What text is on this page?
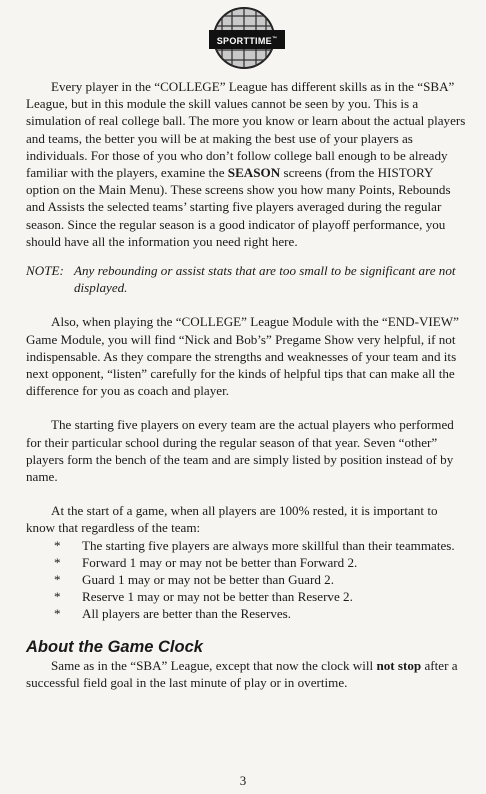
SPORTTIME™

Every player in the “COLLEGE” League has different skills as in the “SBA” League, but in this module the skill values cannot be seen by you. This is a simulation of real college ball. The more you know or learn about the actual players and teams, the better you will be at making the best use of your players as individuals. For those of you who don’t follow college ball enough to be already familiar with the players, examine the SEASON screens (from the HISTORY option on the Main Menu). These screens show you how many Points, Rebounds and Assists the selected teams’ starting five players averaged during the regular season. Since the regular season is a good indicator of playoff performance, you should have all the information you need right here.

NOTE: Any rebounding or assist stats that are too small to be significant are not displayed.

Also, when playing the “COLLEGE” League Module with the “END-VIEW” Game Module, you will find “Nick and Bob’s” Pregame Show very helpful, if not indispensable. As they compare the strengths and weaknesses of your team and its next opponent, “listen” carefully for the kinds of helpful tips that can make all the difference for you as coach and player.

The starting five players on every team are the actual players who performed for their particular school during the regular season of that year. Seven “other” players form the bench of the team and are simply listed by position instead of by name.

At the start of a game, when all players are 100% rested, it is important to know that regardless of the team:

*	The starting five players are always more skillful than their teammates.
*	Forward 1 may or may not be better than Forward 2.
*	Guard 1 may or may not be better than Guard 2.
*	Reserve 1 may or may not be better than Reserve 2.
*	All players are better than the Reserves.
About the Game Clock

Same as in the “SBA” League, except that now the clock will not stop after a successful field goal in the last minute of play or in overtime.

3
